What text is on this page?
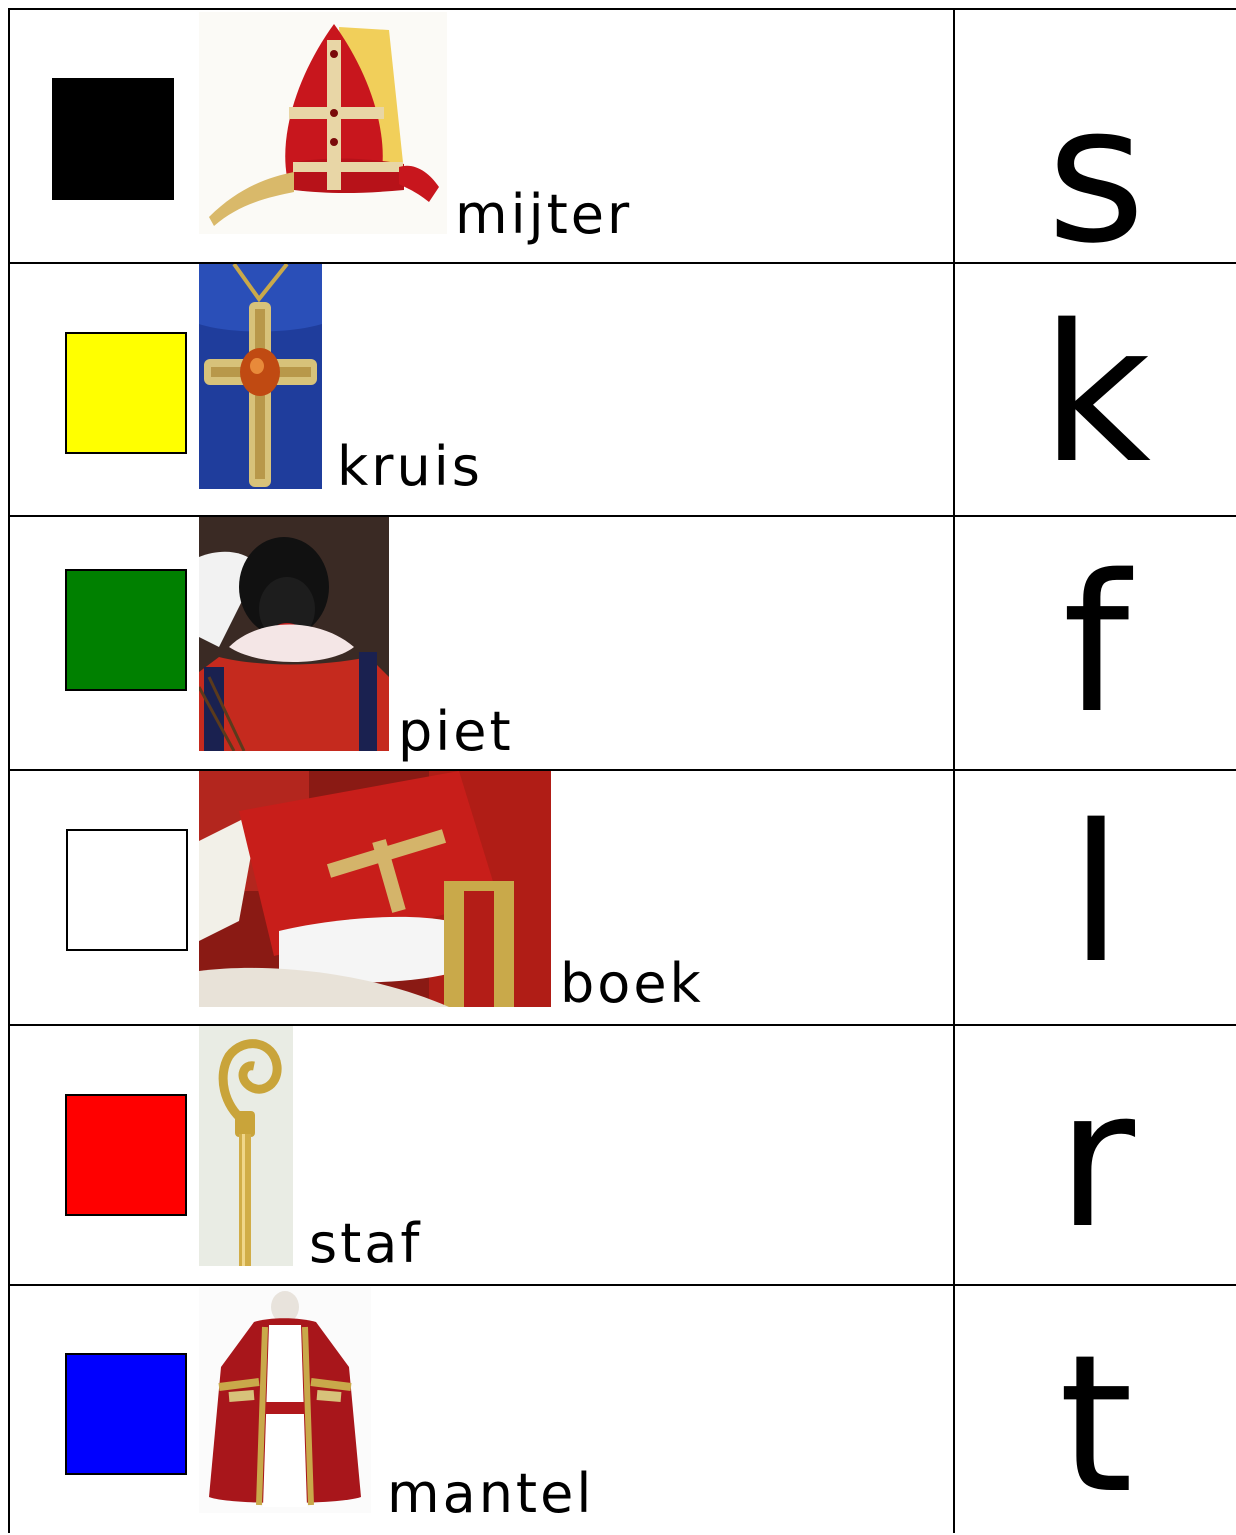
mijter	s
kruis	k
piet	f
boek	l
staf	r
mantel	t
